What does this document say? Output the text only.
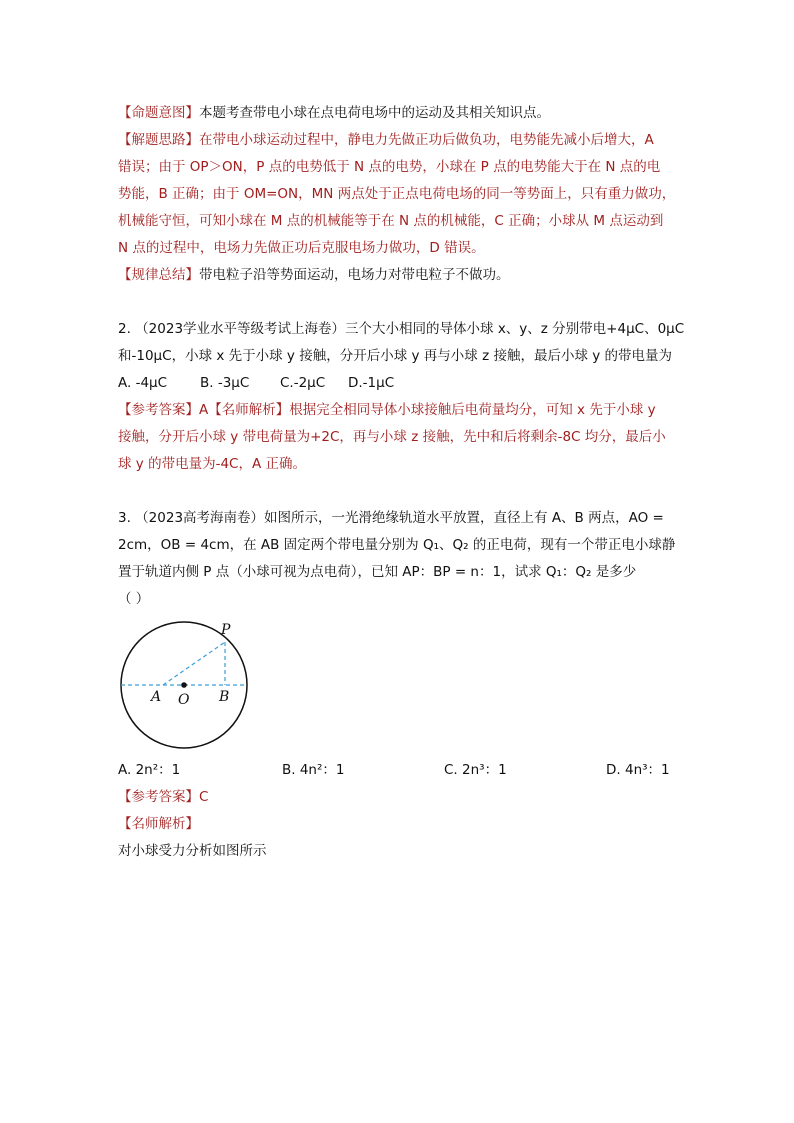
【命题意图】本题考查带电小球在点电荷电场中的运动及其相关知识点。

【解题思路】在带电小球运动过程中，静电力先做正功后做负功，电势能先减小后增大，A

错误；由于 OP＞ON，P 点的电势低于 N 点的电势，小球在 P 点的电势能大于在 N 点的电

势能，B 正确；由于 OM=ON，MN 两点处于正点电荷电场的同一等势面上，只有重力做功，

机械能守恒，可知小球在 M 点的机械能等于在 N 点的机械能，C 正确；小球从 M 点运动到

N 点的过程中，电场力先做正功后克服电场力做功，D 错误。

【规律总结】带电粒子沿等势面运动，电场力对带电粒子不做功。

2. （2023学业水平等级考试上海卷）三个大小相同的导体小球 x、y、z 分别带电+4μC、0μC

和-10μC，小球 x 先于小球 y 接触，分开后小球 y 再与小球 z 接触，最后小球 y 的带电量为

A. -4μC	B. -3μC	C.-2μC	D.-1μC

【参考答案】A【名师解析】根据完全相同导体小球接触后电荷量均分，可知 x 先于小球 y

接触，分开后小球 y 带电荷量为+2C，再与小球 z 接触，先中和后将剩余-8C 均分，最后小

球 y 的带电量为-4C，A 正确。

3. （2023高考海南卷）如图所示，一光滑绝缘轨道水平放置，直径上有 A、B 两点，AO =

2cm，OB = 4cm，在 AB 固定两个带电量分别为 Q₁、Q₂ 的正电荷，现有一个带正电小球静

置于轨道内侧 P 点（小球可视为点电荷），已知 AP：BP = n：1，试求 Q₁：Q₂ 是多少

（ ）

P
A O B
A. 2n²：1	B. 4n²：1	C. 2n³：1	D. 4n³：1

【参考答案】C

【名师解析】

对小球受力分析如图所示
